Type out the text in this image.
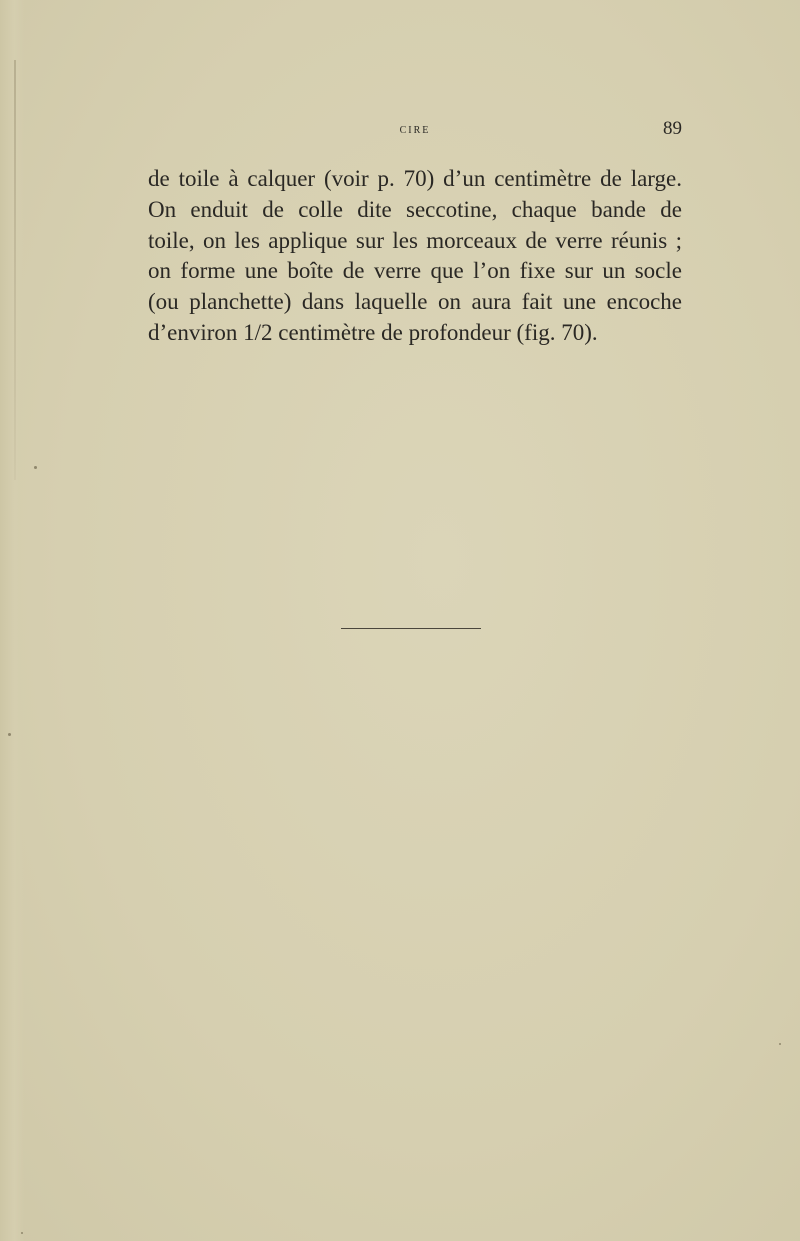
cire	89

de toile à calquer (voir p. 70) d’un centimètre de large.
On enduit de colle dite seccotine, chaque bande de
toile, on les applique sur les morceaux de verre réunis ;
on forme une boîte de verre que l’on fixe sur un socle
(ou planchette) dans laquelle on aura fait une encoche
d’environ 1/2 centimètre de profondeur (fig. 70).
